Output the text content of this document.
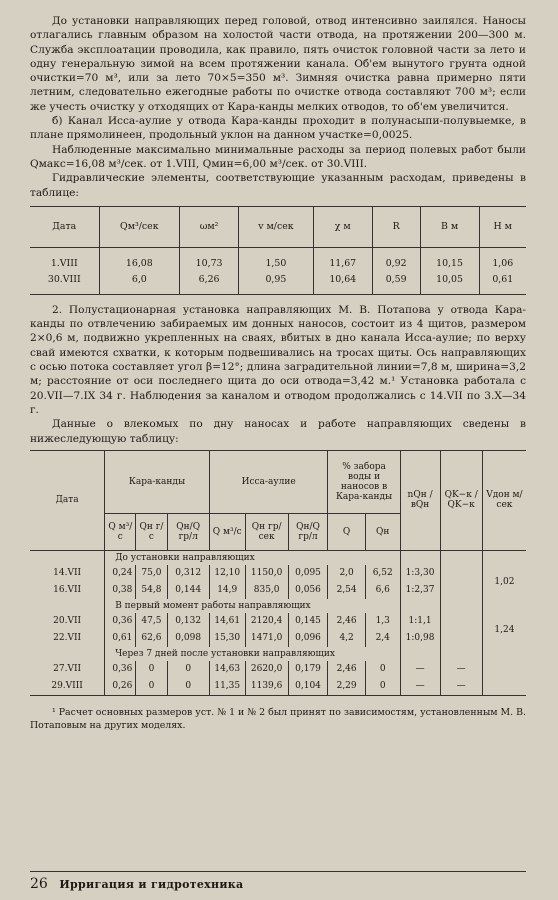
До установки направляющих перед головой, отвод интенсивно заилялся. Наносы отлагались главным образом на холостой части отвода, на протяжении 200—300 м. Служба эксплоатации проводила, как правило, пять очисток головной части за лето и одну генеральную зимой на всем протяжении канала. Об'ем вынутого грунта одной очистки=70 м³, или за лето 70×5=350 м³. Зимняя очистка равна примерно пяти летним, следовательно ежегодные работы по очистке отвода составляют 700 м³; если же учесть очистку у отходящих от Кара-канды мелких отводов, то об'ем увеличится.

б) Канал Исса-аулие у отвода Кара-канды проходит в полунасыпи-полувыемке, в плане прямолинеен, продольный уклон на данном участке=0,0025.

Наблюденные максимально минимальные расходы за период полевых работ были Qмакс=16,08 м³/сек. от 1.VIII, Qмин=6,00 м³/сек. от 30.VIII.

Гидравлические элементы, соответствующие указанным расходам, приведены в таблице:

Дата	Qм³/сек	ωм²	v м/сек	χ м	R	B м	H м
1.VIII	16,08	10,73	1,50	11,67	0,92	10,15	1,06
30.VIII	6,0	6,26	0,95	10,64	0,59	10,05	0,61

2. Полустационарная установка направляющих М. В. Потапова у отвода Кара-канды по отвлечению забираемых им донных наносов, состоит из 4 щитов, размером 2×0,6 м, подвижно укрепленных на сваях, вбитых в дно канала Исса-аулие; по верху свай имеются схватки, к которым подвешивались на тросах щиты. Ось направляющих с осью потока составляет угол β=12°; длина заградительной линии=7,8 м, ширина=3,2 м; расстояние от оси последнего щита до оси отвода=3,42 м.¹ Установка работала с 20.VII—7.IX 34 г. Наблюдения за каналом и отводом продолжались с 14.VII по 3.X—34 г.

Данные о влекомых по дну наносах и работе направляющих сведены в нижеследующую таблицу:

Дата	Кара-канды			Исса-аулие			% забора воды и наносов в Кара-канды		nQн / вQн	QK−к / QK−к	Vдон м/сек
	Q м³/с	Qн г/с	Qн/Q гр/л	Q м³/с	Qн гр/сек	Qн/Q гр/л	Q	Qн			
	До установки направляющих										
14.VII	0,24	75,0	0,312	12,10	1150,0	0,095	2,0	6,52	1:3,30		1,02
16.VII	0,38	54,8	0,144	14,9	835,0	0,056	2,54	6,6	1:2,37		
	В первый момент работы направляющих										
20.VII	0,36	47,5	0,132	14,61	2120,4	0,145	2,46	1,3	1:1,1		1,24
22.VII	0,61	62,6	0,098	15,30	1471,0	0,096	4,2	2,4	1:0,98		
	Через 7 дней после установки направляющих										
27.VII	0,36	0	0	14,63	2620,0	0,179	2,46	0	—	—	
29.VIII	0,26	0	0	11,35	1139,6	0,104	2,29	0	—	—	

¹ Расчет основных размеров уст. № 1 и № 2 был принят по зависимостям, установленным М. В. Потаповым на других моделях.

26 Ирригация и гидротехника
